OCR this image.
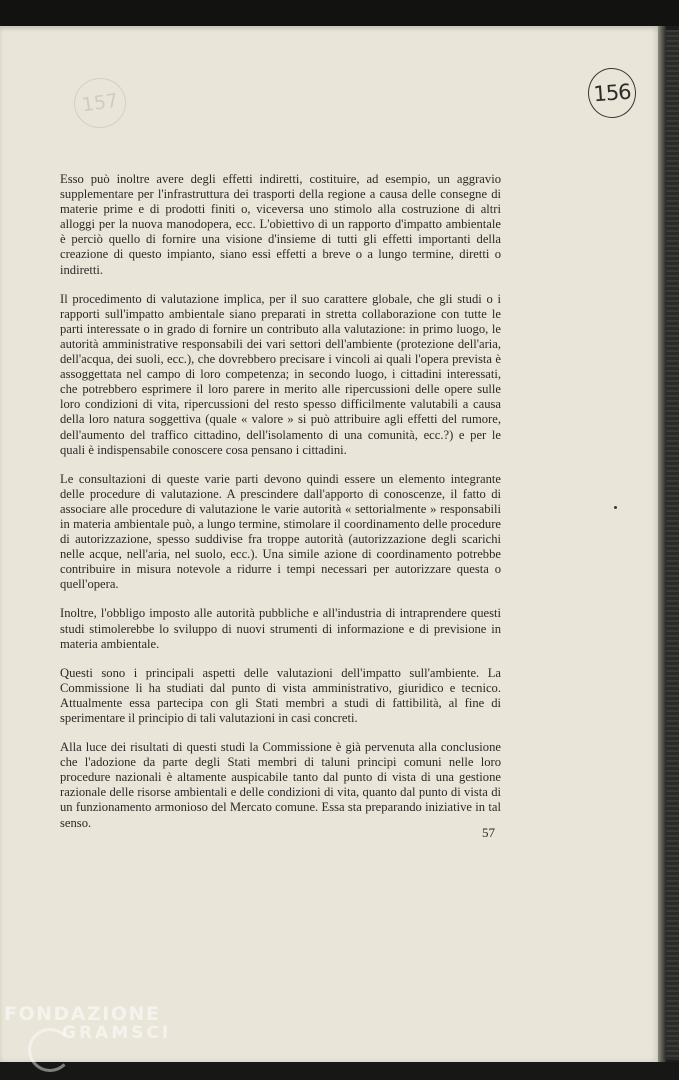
157	156

Esso può inoltre avere degli effetti indiretti, costituire, ad esempio, un aggravio supplementare per l'infrastruttura dei trasporti della regione a causa delle consegne di materie prime e di prodotti finiti o, viceversa uno stimolo alla costruzione di altri alloggi per la nuova manodopera, ecc. L'obiettivo di un rapporto d'impatto ambientale è perciò quello di fornire una visione d'insieme di tutti gli effetti importanti della creazione di questo impianto, siano essi effetti a breve o a lungo termine, diretti o indiretti.

Il procedimento di valutazione implica, per il suo carattere globale, che gli studi o i rapporti sull'impatto ambientale siano preparati in stretta collaborazione con tutte le parti interessate o in grado di fornire un contributo alla valutazione: in primo luogo, le autorità amministrative responsabili dei vari settori dell'ambiente (protezione dell'aria, dell'acqua, dei suoli, ecc.), che dovrebbero precisare i vincoli ai quali l'opera prevista è assoggettata nel campo di loro competenza; in secondo luogo, i cittadini interessati, che potrebbero esprimere il loro parere in merito alle ripercussioni delle opere sulle loro condizioni di vita, ripercussioni del resto spesso difficilmente valutabili a causa della loro natura soggettiva (quale « valore » si può attribuire agli effetti del rumore, dell'aumento del traffico cittadino, dell'isolamento di una comunità, ecc.?) e per le quali è indispensabile conoscere cosa pensano i cittadini.

Le consultazioni di queste varie parti devono quindi essere un elemento integrante delle procedure di valutazione. A prescindere dall'apporto di conoscenze, il fatto di associare alle procedure di valutazione le varie autorità « settorialmente » responsabili in materia ambientale può, a lungo termine, stimolare il coordinamento delle procedure di autorizzazione, spesso suddivise fra troppe autorità (autorizzazione degli scarichi nelle acque, nell'aria, nel suolo, ecc.). Una simile azione di coordinamento potrebbe contribuire in misura notevole a ridurre i tempi necessari per autorizzare questa o quell'opera.

Inoltre, l'obbligo imposto alle autorità pubbliche e all'industria di intraprendere questi studi stimolerebbe lo sviluppo di nuovi strumenti di informazione e di previsione in materia ambientale.

Questi sono i principali aspetti delle valutazioni dell'impatto sull'ambiente. La Commissione li ha studiati dal punto di vista amministrativo, giuridico e tecnico. Attualmente essa partecipa con gli Stati membri a studi di fattibilità, al fine di sperimentare il principio di tali valutazioni in casi concreti.

Alla luce dei risultati di questi studi la Commissione è già pervenuta alla conclusione che l'adozione da parte degli Stati membri di taluni principi comuni nelle loro procedure nazionali è altamente auspicabile tanto dal punto di vista di una gestione razionale delle risorse ambientali e delle condizioni di vita, quanto dal punto di vista di un funzionamento armonioso del Mercato comune. Essa sta preparando iniziative in tal senso.

57
FONDAZIONE
GRAMSCI
